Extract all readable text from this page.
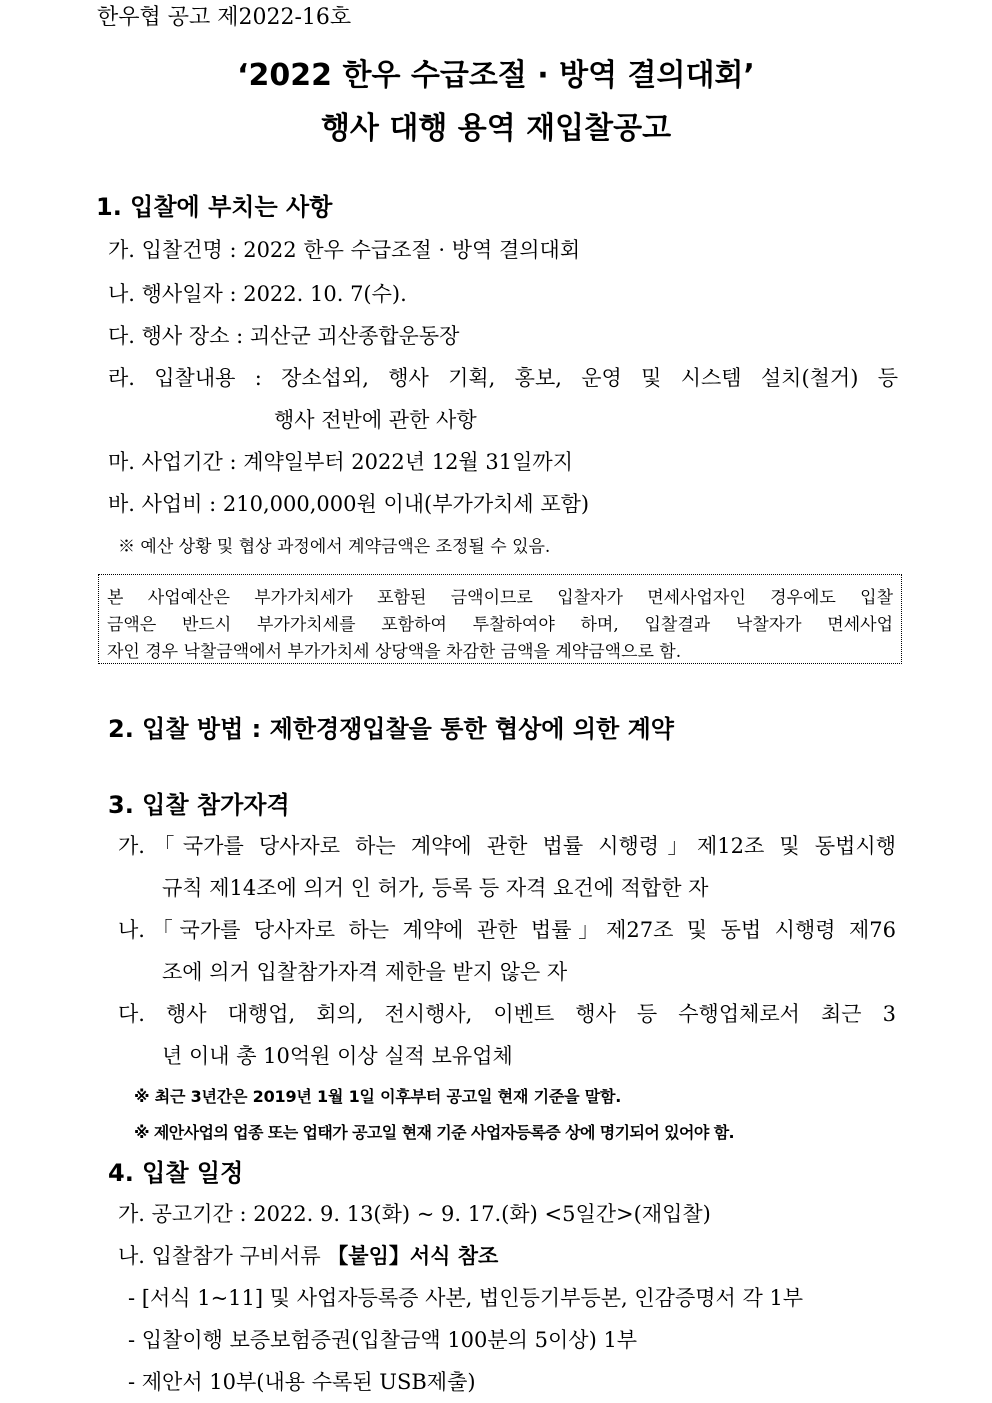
한우협 공고 제2022-16호
‘2022 한우 수급조절 · 방역 결의대회’
행사 대행 용역 재입찰공고
1. 입찰에 부치는 사항
가. 입찰건명 : 2022 한우 수급조절 · 방역 결의대회
나. 행사일자 : 2022. 10. 7(수).
다. 행사 장소 : 괴산군 괴산종합운동장
라. 입찰내용 : 장소섭외, 행사 기획, 홍보, 운영 및 시스템 설치(철거) 등
행사 전반에 관한 사항
마. 사업기간 : 계약일부터 2022년 12월 31일까지
바. 사업비 : 210,000,000원 이내(부가가치세 포함)
※ 예산 상황 및 협상 과정에서 계약금액은 조정될 수 있음.
본 사업예산은 부가가치세가 포함된 금액이므로 입찰자가 면세사업자인 경우에도 입찰
금액은 반드시 부가가치세를 포함하여 투찰하여야 하며, 입찰결과 낙찰자가 면세사업
자인 경우 낙찰금액에서 부가가치세 상당액을 차감한 금액을 계약금액으로 함.
2. 입찰 방법 : 제한경쟁입찰을 통한 협상에 의한 계약
3. 입찰 참가자격
가.「국가를 당사자로 하는 계약에 관한 법률 시행령」제12조 및 동법시행
규칙 제14조에 의거 인 허가, 등록 등 자격 요건에 적합한 자
나.「국가를 당사자로 하는 계약에 관한 법률」제27조 및 동법 시행령 제76
조에 의거 입찰참가자격 제한을 받지 않은 자
다. 행사 대행업, 회의, 전시행사, 이벤트 행사 등 수행업체로서 최근 3
년 이내 총 10억원 이상 실적 보유업체
※ 최근 3년간은 2019년 1월 1일 이후부터 공고일 현재 기준을 말함.
※ 제안사업의 업종 또는 업태가 공고일 현재 기준 사업자등록증 상에 명기되어 있어야 함.
4. 입찰 일정
가. 공고기간 : 2022. 9. 13(화) ~ 9. 17.(화) <5일간>(재입찰)
나. 입찰참가 구비서류 【붙임】서식 참조
- [서식 1~11] 및 사업자등록증 사본, 법인등기부등본, 인감증명서 각 1부
- 입찰이행 보증보험증권(입찰금액 100분의 5이상) 1부
- 제안서 10부(내용 수록된 USB제출)
